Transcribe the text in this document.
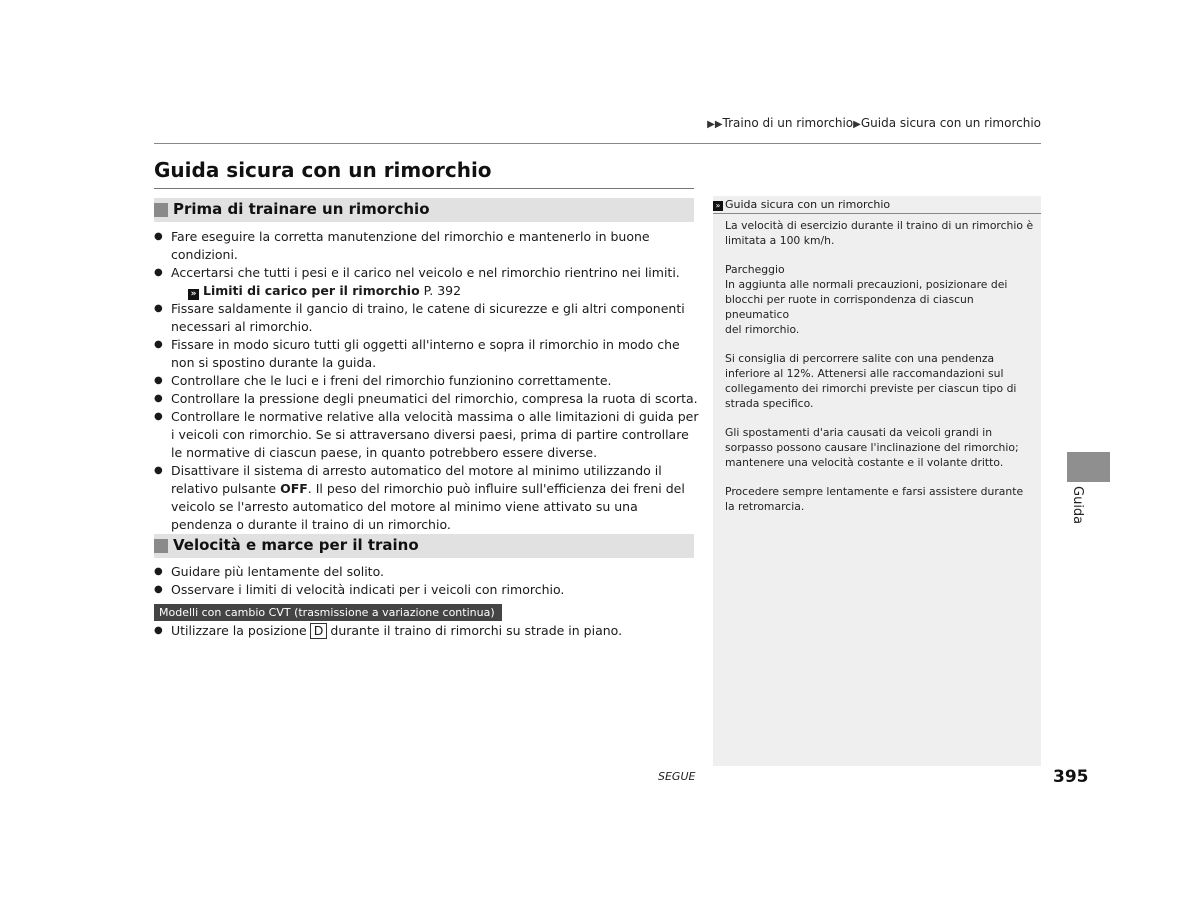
▶▶Traino di un rimorchio▶Guida sicura con un rimorchio
Guida sicura con un rimorchio
Prima di trainare un rimorchio
● Fare eseguire la corretta manutenzione del rimorchio e mantenerlo in buone condizioni.
● Accertarsi che tutti i pesi e il carico nel veicolo e nel rimorchio rientrino nei limiti.
» Limiti di carico per il rimorchio P. 392
● Fissare saldamente il gancio di traino, le catene di sicurezze e gli altri componenti necessari al rimorchio.
● Fissare in modo sicuro tutti gli oggetti all'interno e sopra il rimorchio in modo che non si spostino durante la guida.
● Controllare che le luci e i freni del rimorchio funzionino correttamente.
● Controllare la pressione degli pneumatici del rimorchio, compresa la ruota di scorta.
● Controllare le normative relative alla velocità massima o alle limitazioni di guida per i veicoli con rimorchio. Se si attraversano diversi paesi, prima di partire controllare le normative di ciascun paese, in quanto potrebbero essere diverse.
● Disattivare il sistema di arresto automatico del motore al minimo utilizzando il relativo pulsante OFF. Il peso del rimorchio può influire sull'efficienza dei freni del veicolo se l'arresto automatico del motore al minimo viene attivato su una pendenza o durante il traino di un rimorchio.
Velocità e marce per il traino
● Guidare più lentamente del solito.
● Osservare i limiti di velocità indicati per i veicoli con rimorchio.
Modelli con cambio CVT (trasmissione a variazione continua)
● Utilizzare la posizione D durante il traino di rimorchi su strade in piano.
» Guida sicura con un rimorchio

La velocità di esercizio durante il traino di un rimorchio è limitata a 100 km/h.

Parcheggio
In aggiunta alle normali precauzioni, posizionare dei blocchi per ruote in corrispondenza di ciascun pneumatico
del rimorchio.

Si consiglia di percorrere salite con una pendenza inferiore al 12%. Attenersi alle raccomandazioni sul collegamento dei rimorchi previste per ciascun tipo di strada specifico.

Gli spostamenti d'aria causati da veicoli grandi in sorpasso possono causare l'inclinazione del rimorchio; mantenere una velocità costante e il volante dritto.

Procedere sempre lentamente e farsi assistere durante
la retromarcia.	Guida
SEGUE	395
